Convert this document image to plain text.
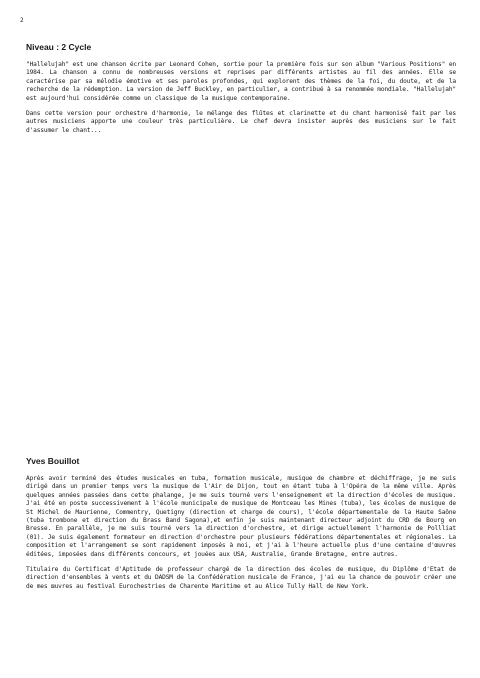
2
Niveau : 2 Cycle

"Hallelujah" est une chanson écrite par Leonard Cohen, sortie pour la première fois sur son album "Various Positions" en 1984. La chanson a connu de nombreuses versions et reprises par différents artistes au fil des années. Elle se caractérise par sa mélodie émotive et ses paroles profondes, qui explorent des thèmes de la foi, du doute, et de la recherche de la rédemption. La version de Jeff Buckley, en particulier, a contribué à sa renommée mondiale. "Hallelujah" est aujourd'hui considérée comme un classique de la musique contemporaine.

Dans cette version pour orchestre d'harmonie, le mélange des flûtes et clarinette et du chant harmonisé fait par les autres musiciens apporte une couleur très particulière. Le chef devra insister auprès des musiciens sur le fait d'assumer le chant...

Yves Bouillot

Après avoir terminé des études musicales en tuba, formation musicale, musique de chambre et déchiffrage, je me suis dirigé dans un premier temps vers la musique de l'Air de Dijon, tout en étant tuba à l'Opéra de la même ville. Après quelques années passées dans cette phalange, je me suis tourné vers l'enseignement et la direction d'écoles de musique. J'ai été en poste successivement à l'école municipale de musique de Montceau les Mines (tuba), les écoles de musique de St Michel de Maurienne, Commentry, Quetigny (direction et charge de cours), l'école départementale de la Haute Saône (tuba trombone et direction du Brass Band Sagona),et enfin je suis maintenant directeur adjoint du CRD de Bourg en Bresse. En parallèle, je me suis tourné vers la direction d'orchestre, et dirige actuellement l'harmonie de Pollliat (01). Je suis également formateur en direction d'orchestre pour plusieurs fédérations départementales et régionales. La composition et l'arrangement se sont rapidement imposés à moi, et j'ai à l'heure actuelle plus d'une centaine d'œuvres éditées, imposées dans différents concours, et jouées aux USA, Australie, Grande Bretagne, entre autres.

Titulaire du Certificat d'Aptitude de professeur chargé de la direction des écoles de musique, du Diplôme d'Etat de direction d'ensembles à vents et du DADSM de la Confédération musicale de France, j'ai eu la chance de pouvoir créer une de mes œuvres au festival Eurochestries de Charente Maritime et au Alice Tully Hall de New York.
